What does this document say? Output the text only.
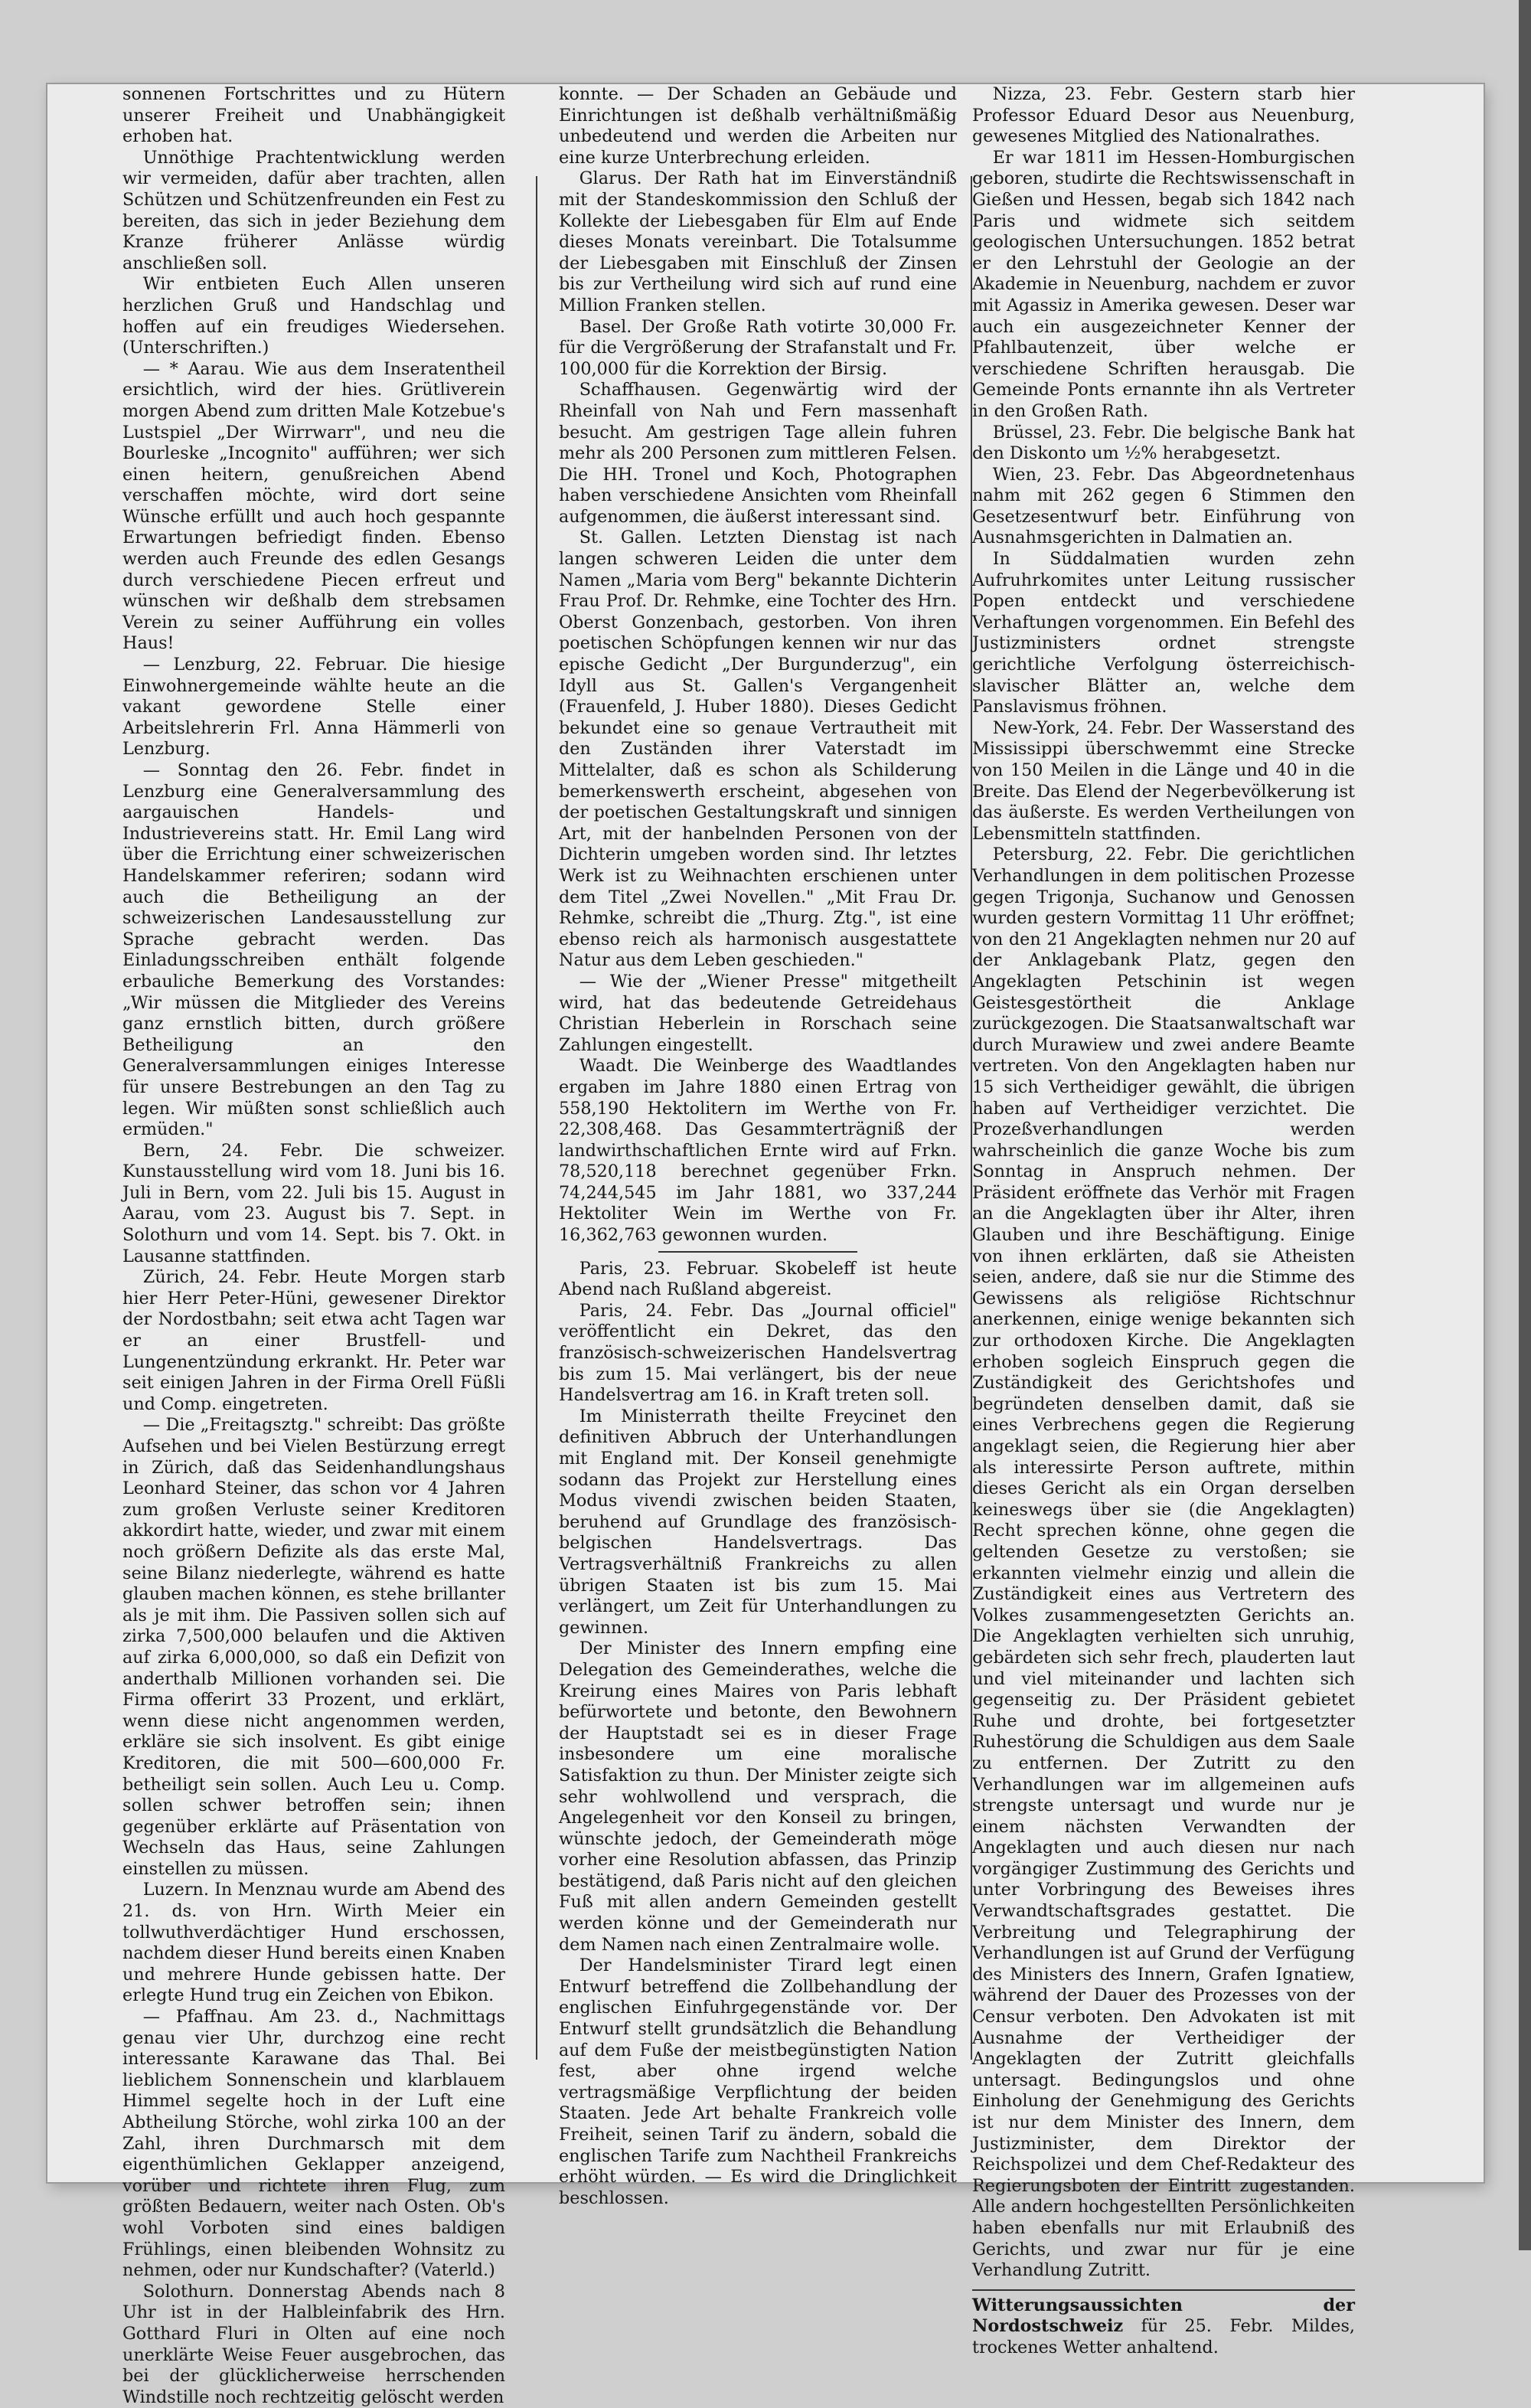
sonnenen Fortschrittes und zu Hütern unserer Freiheit und Unabhängigkeit erhoben hat.

Unnöthige Prachtentwicklung werden wir vermeiden, dafür aber trachten, allen Schützen und Schützenfreunden ein Fest zu bereiten, das sich in jeder Beziehung dem Kranze früherer Anlässe würdig anschließen soll.

Wir entbieten Euch Allen unseren herzlichen Gruß und Handschlag und hoffen auf ein freudiges Wiedersehen. (Unterschriften.)

— * Aarau. Wie aus dem Inseratentheil ersichtlich, wird der hies. Grütliverein morgen Abend zum dritten Male Kotzebue's Lustspiel „Der Wirrwarr", und neu die Bourleske „Incognito" aufführen; wer sich einen heitern, genußreichen Abend verschaffen möchte, wird dort seine Wünsche erfüllt und auch hoch gespannte Erwartungen befriedigt finden. Ebenso werden auch Freunde des edlen Gesangs durch verschiedene Piecen erfreut und wünschen wir deßhalb dem strebsamen Verein zu seiner Aufführung ein volles Haus!

— Lenzburg, 22. Februar. Die hiesige Einwohnergemeinde wählte heute an die vakant gewordene Stelle einer Arbeitslehrerin Frl. Anna Hämmerli von Lenzburg.

— Sonntag den 26. Febr. findet in Lenzburg eine Generalversammlung des aargauischen Handels- und Industrievereins statt. Hr. Emil Lang wird über die Errichtung einer schweizerischen Handelskammer referiren; sodann wird auch die Betheiligung an der schweizerischen Landesausstellung zur Sprache gebracht werden. Das Einladungsschreiben enthält folgende erbauliche Bemerkung des Vorstandes: „Wir müssen die Mitglieder des Vereins ganz ernstlich bitten, durch größere Betheiligung an den Generalversammlungen einiges Interesse für unsere Bestrebungen an den Tag zu legen. Wir müßten sonst schließlich auch ermüden."

Bern, 24. Febr. Die schweizer. Kunstausstellung wird vom 18. Juni bis 16. Juli in Bern, vom 22. Juli bis 15. August in Aarau, vom 23. August bis 7. Sept. in Solothurn und vom 14. Sept. bis 7. Okt. in Lausanne stattfinden.

Zürich, 24. Febr. Heute Morgen starb hier Herr Peter-Hüni, gewesener Direktor der Nordostbahn; seit etwa acht Tagen war er an einer Brustfell- und Lungenentzündung erkrankt. Hr. Peter war seit einigen Jahren in der Firma Orell Füßli und Comp. eingetreten.

— Die „Freitagsztg." schreibt: Das größte Aufsehen und bei Vielen Bestürzung erregt in Zürich, daß das Seidenhandlungshaus Leonhard Steiner, das schon vor 4 Jahren zum großen Verluste seiner Kreditoren akkordirt hatte, wieder, und zwar mit einem noch größern Defizite als das erste Mal, seine Bilanz niederlegte, während es hatte glauben machen können, es stehe brillanter als je mit ihm. Die Passiven sollen sich auf zirka 7,500,000 belaufen und die Aktiven auf zirka 6,000,000, so daß ein Defizit von anderthalb Millionen vorhanden sei. Die Firma offerirt 33 Prozent, und erklärt, wenn diese nicht angenommen werden, erkläre sie sich insolvent. Es gibt einige Kreditoren, die mit 500—600,000 Fr. betheiligt sein sollen. Auch Leu u. Comp. sollen schwer betroffen sein; ihnen gegenüber erklärte auf Präsentation von Wechseln das Haus, seine Zahlungen einstellen zu müssen.

Luzern. In Menznau wurde am Abend des 21. ds. von Hrn. Wirth Meier ein tollwuthverdächtiger Hund erschossen, nachdem dieser Hund bereits einen Knaben und mehrere Hunde gebissen hatte. Der erlegte Hund trug ein Zeichen von Ebikon.

— Pfaffnau. Am 23. d., Nachmittags genau vier Uhr, durchzog eine recht interessante Karawane das Thal. Bei lieblichem Sonnenschein und klarblauem Himmel segelte hoch in der Luft eine Abtheilung Störche, wohl zirka 100 an der Zahl, ihren Durchmarsch mit dem eigenthümlichen Geklapper anzeigend, vorüber und richtete ihren Flug, zum größten Bedauern, weiter nach Osten. Ob's wohl Vorboten sind eines baldigen Frühlings, einen bleibenden Wohnsitz zu nehmen, oder nur Kundschafter? (Vaterld.)

Solothurn. Donnerstag Abends nach 8 Uhr ist in der Halbleinfabrik des Hrn. Gotthard Fluri in Olten auf eine noch unerklärte Weise Feuer ausgebrochen, das bei der glücklicherweise herrschenden Windstille noch rechtzeitig gelöscht werden

konnte. — Der Schaden an Gebäude und Einrichtungen ist deßhalb verhältnißmäßig unbedeutend und werden die Arbeiten nur eine kurze Unterbrechung erleiden.

Glarus. Der Rath hat im Einverständniß mit der Standeskommission den Schluß der Kollekte der Liebesgaben für Elm auf Ende dieses Monats vereinbart. Die Totalsumme der Liebesgaben mit Einschluß der Zinsen bis zur Vertheilung wird sich auf rund eine Million Franken stellen.

Basel. Der Große Rath votirte 30,000 Fr. für die Vergrößerung der Strafanstalt und Fr. 100,000 für die Korrektion der Birsig.

Schaffhausen. Gegenwärtig wird der Rheinfall von Nah und Fern massenhaft besucht. Am gestrigen Tage allein fuhren mehr als 200 Personen zum mittleren Felsen. Die HH. Tronel und Koch, Photographen haben verschiedene Ansichten vom Rheinfall aufgenommen, die äußerst interessant sind.

St. Gallen. Letzten Dienstag ist nach langen schweren Leiden die unter dem Namen „Maria vom Berg" bekannte Dichterin Frau Prof. Dr. Rehmke, eine Tochter des Hrn. Oberst Gonzenbach, gestorben. Von ihren poetischen Schöpfungen kennen wir nur das epische Gedicht „Der Burgunderzug", ein Idyll aus St. Gallen's Vergangenheit (Frauenfeld, J. Huber 1880). Dieses Gedicht bekundet eine so genaue Vertrautheit mit den Zuständen ihrer Vaterstadt im Mittelalter, daß es schon als Schilderung bemerkenswerth erscheint, abgesehen von der poetischen Gestaltungskraft und sinnigen Art, mit der hanbelnden Personen von der Dichterin umgeben worden sind. Ihr letztes Werk ist zu Weihnachten erschienen unter dem Titel „Zwei Novellen." „Mit Frau Dr. Rehmke, schreibt die „Thurg. Ztg.", ist eine ebenso reich als harmonisch ausgestattete Natur aus dem Leben geschieden."

— Wie der „Wiener Presse" mitgetheilt wird, hat das bedeutende Getreidehaus Christian Heberlein in Rorschach seine Zahlungen eingestellt.

Waadt. Die Weinberge des Waadtlandes ergaben im Jahre 1880 einen Ertrag von 558,190 Hektolitern im Werthe von Fr. 22,308,468. Das Gesammterträgniß der landwirthschaftlichen Ernte wird auf Frkn. 78,520,118 berechnet gegenüber Frkn. 74,244,545 im Jahr 1881, wo 337,244 Hektoliter Wein im Werthe von Fr. 16,362,763 gewonnen wurden.

Paris, 23. Februar. Skobeleff ist heute Abend nach Rußland abgereist.

Paris, 24. Febr. Das „Journal officiel" veröffentlicht ein Dekret, das den französisch-schweizerischen Handelsvertrag bis zum 15. Mai verlängert, bis der neue Handelsvertrag am 16. in Kraft treten soll.

Im Ministerrath theilte Freycinet den definitiven Abbruch der Unterhandlungen mit England mit. Der Konseil genehmigte sodann das Projekt zur Herstellung eines Modus vivendi zwischen beiden Staaten, beruhend auf Grundlage des französisch-belgischen Handelsvertrags. Das Vertragsverhältniß Frankreichs zu allen übrigen Staaten ist bis zum 15. Mai verlängert, um Zeit für Unterhandlungen zu gewinnen.

Der Minister des Innern empfing eine Delegation des Gemeinderathes, welche die Kreirung eines Maires von Paris lebhaft befürwortete und betonte, den Bewohnern der Hauptstadt sei es in dieser Frage insbesondere um eine moralische Satisfaktion zu thun. Der Minister zeigte sich sehr wohlwollend und versprach, die Angelegenheit vor den Konseil zu bringen, wünschte jedoch, der Gemeinderath möge vorher eine Resolution abfassen, das Prinzip bestätigend, daß Paris nicht auf den gleichen Fuß mit allen andern Gemeinden gestellt werden könne und der Gemeinderath nur dem Namen nach einen Zentralmaire wolle.

Der Handelsminister Tirard legt einen Entwurf betreffend die Zollbehandlung der englischen Einfuhrgegenstände vor. Der Entwurf stellt grundsätzlich die Behandlung auf dem Fuße der meistbegünstigten Nation fest, aber ohne irgend welche vertragsmäßige Verpflichtung der beiden Staaten. Jede Art behalte Frankreich volle Freiheit, seinen Tarif zu ändern, sobald die englischen Tarife zum Nachtheil Frankreichs erhöht würden. — Es wird die Dringlichkeit beschlossen.

Nizza, 23. Febr. Gestern starb hier Professor Eduard Desor aus Neuenburg, gewesenes Mitglied des Nationalrathes.

Er war 1811 im Hessen-Homburgischen geboren, studirte die Rechtswissenschaft in Gießen und Hessen, begab sich 1842 nach Paris und widmete sich seitdem geologischen Untersuchungen. 1852 betrat er den Lehrstuhl der Geologie an der Akademie in Neuenburg, nachdem er zuvor mit Agassiz in Amerika gewesen. Deser war auch ein ausgezeichneter Kenner der Pfahlbautenzeit, über welche er verschiedene Schriften herausgab. Die Gemeinde Ponts ernannte ihn als Vertreter in den Großen Rath.

Brüssel, 23. Febr. Die belgische Bank hat den Diskonto um ½% herabgesetzt.

Wien, 23. Febr. Das Abgeordnetenhaus nahm mit 262 gegen 6 Stimmen den Gesetzesentwurf betr. Einführung von Ausnahmsgerichten in Dalmatien an.

In Süddalmatien wurden zehn Aufruhrkomites unter Leitung russischer Popen entdeckt und verschiedene Verhaftungen vorgenommen. Ein Befehl des Justizministers ordnet strengste gerichtliche Verfolgung österreichisch-slavischer Blätter an, welche dem Panslavismus fröhnen.

New-York, 24. Febr. Der Wasserstand des Mississippi überschwemmt eine Strecke von 150 Meilen in die Länge und 40 in die Breite. Das Elend der Negerbevölkerung ist das äußerste. Es werden Vertheilungen von Lebensmitteln stattfinden.

Petersburg, 22. Febr. Die gerichtlichen Verhandlungen in dem politischen Prozesse gegen Trigonja, Suchanow und Genossen wurden gestern Vormittag 11 Uhr eröffnet; von den 21 Angeklagten nehmen nur 20 auf der Anklagebank Platz, gegen den Angeklagten Petschinin ist wegen Geistesgestörtheit die Anklage zurückgezogen. Die Staatsanwaltschaft war durch Murawiew und zwei andere Beamte vertreten. Von den Angeklagten haben nur 15 sich Vertheidiger gewählt, die übrigen haben auf Vertheidiger verzichtet. Die Prozeßverhandlungen werden wahrscheinlich die ganze Woche bis zum Sonntag in Anspruch nehmen. Der Präsident eröffnete das Verhör mit Fragen an die Angeklagten über ihr Alter, ihren Glauben und ihre Beschäftigung. Einige von ihnen erklärten, daß sie Atheisten seien, andere, daß sie nur die Stimme des Gewissens als religiöse Richtschnur anerkennen, einige wenige bekannten sich zur orthodoxen Kirche. Die Angeklagten erhoben sogleich Einspruch gegen die Zuständigkeit des Gerichtshofes und begründeten denselben damit, daß sie eines Verbrechens gegen die Regierung angeklagt seien, die Regierung hier aber als interessirte Person auftrete, mithin dieses Gericht als ein Organ derselben keineswegs über sie (die Angeklagten) Recht sprechen könne, ohne gegen die geltenden Gesetze zu verstoßen; sie erkannten vielmehr einzig und allein die Zuständigkeit eines aus Vertretern des Volkes zusammengesetzten Gerichts an. Die Angeklagten verhielten sich unruhig, gebärdeten sich sehr frech, plauderten laut und viel miteinander und lachten sich gegenseitig zu. Der Präsident gebietet Ruhe und drohte, bei fortgesetzter Ruhestörung die Schuldigen aus dem Saale zu entfernen. Der Zutritt zu den Verhandlungen war im allgemeinen aufs strengste untersagt und wurde nur je einem nächsten Verwandten der Angeklagten und auch diesen nur nach vorgängiger Zustimmung des Gerichts und unter Vorbringung des Beweises ihres Verwandtschaftsgrades gestattet. Die Verbreitung und Telegraphirung der Verhandlungen ist auf Grund der Verfügung des Ministers des Innern, Grafen Ignatiew, während der Dauer des Prozesses von der Censur verboten. Den Advokaten ist mit Ausnahme der Vertheidiger der Angeklagten der Zutritt gleichfalls untersagt. Bedingungslos und ohne Einholung der Genehmigung des Gerichts ist nur dem Minister des Innern, dem Justizminister, dem Direktor der Reichspolizei und dem Chef-Redakteur des Regierungsboten der Eintritt zugestanden. Alle andern hochgestellten Persönlichkeiten haben ebenfalls nur mit Erlaubniß des Gerichts, und zwar nur für je eine Verhandlung Zutritt.

Witterungsaussichten der Nordostschweiz für 25. Febr. Mildes, trockenes Wetter anhaltend.
